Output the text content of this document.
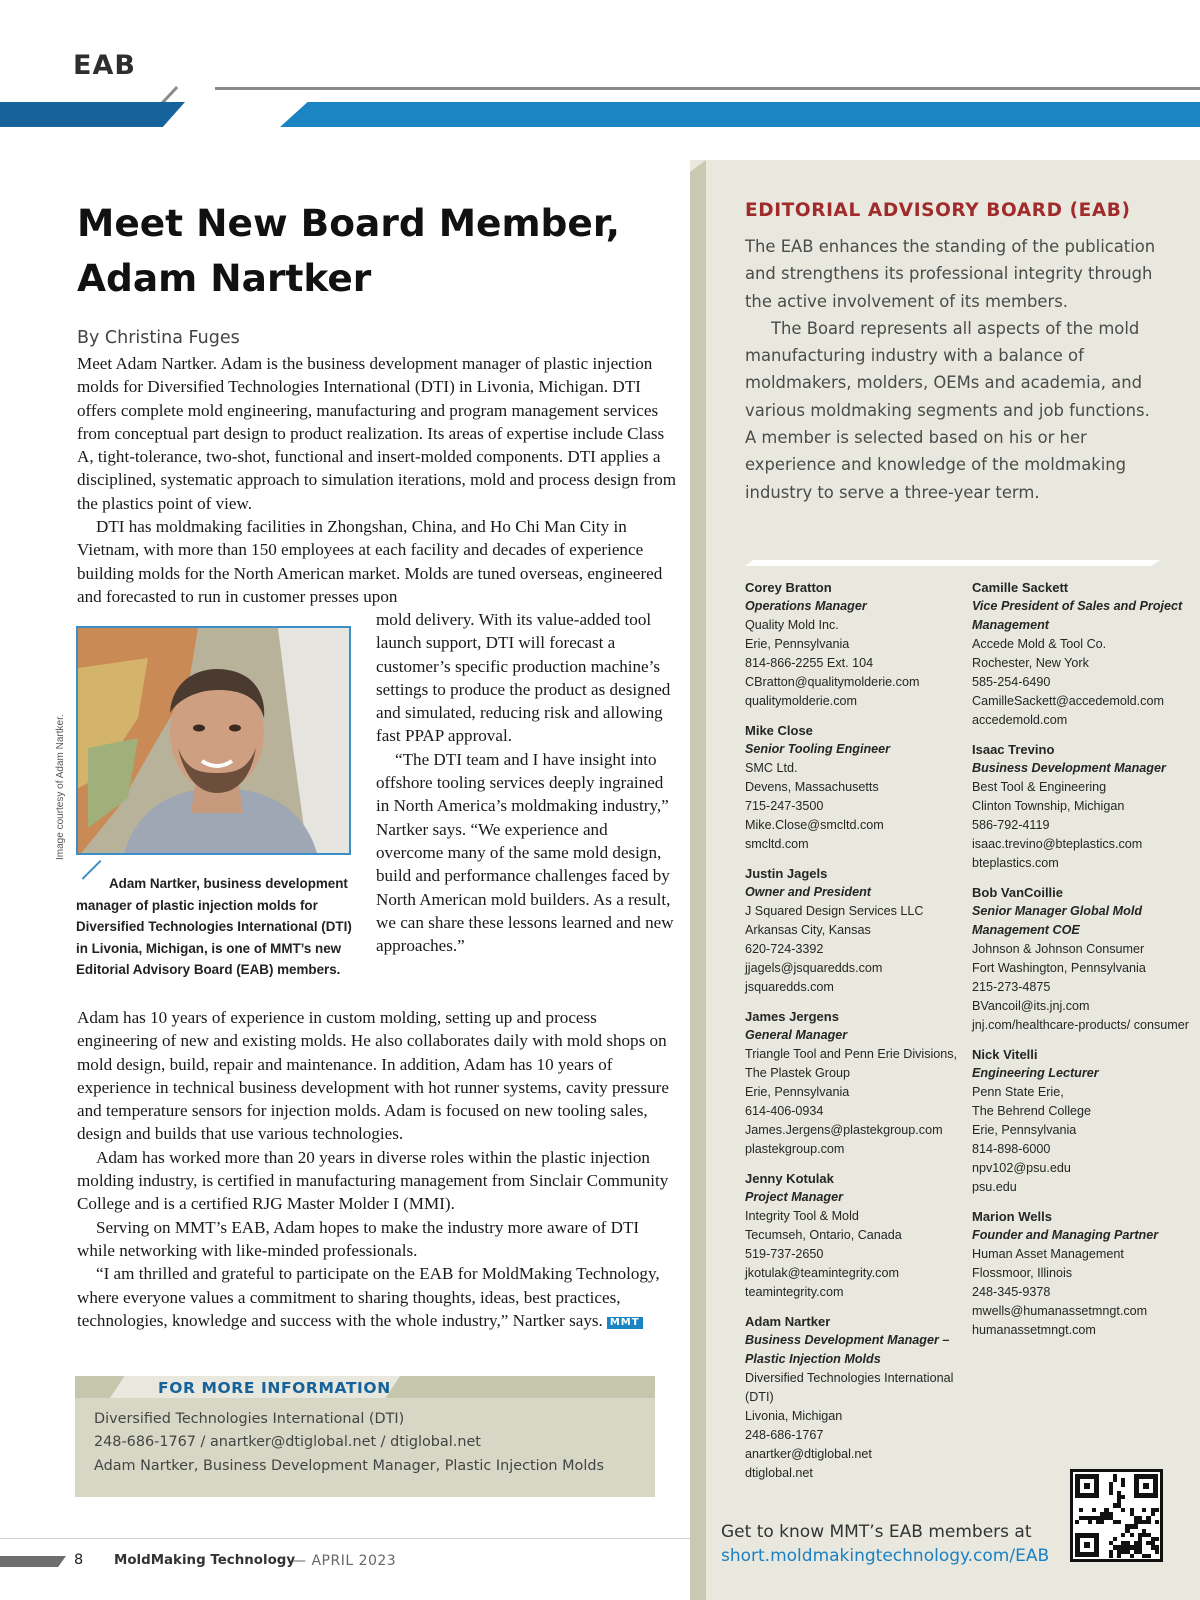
EAB
EDITORIAL ADVISORY BOARD (EAB)

The EAB enhances the standing of the publication and strengthens its professional integrity through the active involvement of its members.

The Board represents all aspects of the mold manufacturing industry with a balance of moldmakers, molders, OEMs and academia, and various moldmaking segments and job functions. A member is selected based on his or her experience and knowledge of the moldmaking industry to serve a three-year term.

Corey Bratton
Operations Manager
Quality Mold Inc.
Erie, Pennsylvania
814-866-2255 Ext. 104
CBratton@qualitymolderie.com
qualitymolderie.com
Mike Close
Senior Tooling Engineer
SMC Ltd.
Devens, Massachusetts
715-247-3500
Mike.Close@smcltd.com
smcltd.com
Justin Jagels
Owner and President
J Squared Design Services LLC
Arkansas City, Kansas
620-724-3392
jjagels@jsquaredds.com
jsquaredds.com
James Jergens
General Manager
Triangle Tool and Penn Erie Divisions, The Plastek Group
Erie, Pennsylvania
614-406-0934
James.Jergens@plastekgroup.com
plastekgroup.com
Jenny Kotulak
Project Manager
Integrity Tool & Mold
Tecumseh, Ontario, Canada
519-737-2650
jkotulak@teamintegrity.com
teamintegrity.com
Adam Nartker
Business Development Manager – Plastic Injection Molds
Diversified Technologies International (DTI)
Livonia, Michigan
248-686-1767
anartker@dtiglobal.net
dtiglobal.net
Camille Sackett
Vice President of Sales and Project Management
Accede Mold & Tool Co.
Rochester, New York
585-254-6490
CamilleSackett@accedemold.com
accedemold.com
Isaac Trevino
Business Development Manager
Best Tool & Engineering
Clinton Township, Michigan
586-792-4119
isaac.trevino@bteplastics.com
bteplastics.com
Bob VanCoillie
Senior Manager Global Mold Management COE
Johnson & Johnson Consumer
Fort Washington, Pennsylvania
215-273-4875
BVancoil@its.jnj.com
jnj.com/healthcare-products/ consumer
Nick Vitelli
Engineering Lecturer
Penn State Erie,
The Behrend College
Erie, Pennsylvania
814-898-6000
npv102@psu.edu
psu.edu
Marion Wells
Founder and Managing Partner
Human Asset Management
Flossmoor, Illinois
248-345-9378
mwells@humanassetmngt.com
humanassetmngt.com
Get to know MMT’s EAB members at
short.moldmakingtechnology.com/EAB
Meet New Board Member, Adam Nartker
By Christina Fuges

Meet Adam Nartker. Adam is the business development manager of plastic injection molds for Diversified Technologies International (DTI) in Livonia, Michigan. DTI offers complete mold engineering, manufacturing and program management services from conceptual part design to product realization. Its areas of expertise include Class A, tight-tolerance, two-shot, functional and insert-molded components. DTI applies a disciplined, systematic approach to simulation iterations, mold and process design from the plastics point of view.

DTI has moldmaking facilities in Zhongshan, China, and Ho Chi Man City in Vietnam, with more than 150 employees at each facility and decades of experience building molds for the North American market. Molds are tuned overseas, engineered and forecasted to run in customer presses upon

Image courtesy of Adam Nartker.
Adam Nartker, business development manager of plastic injection molds for Diversified Technologies International (DTI) in Livonia, Michigan, is one of MMT’s new Editorial Advisory Board (EAB) members.

mold delivery. With its value-added tool launch support, DTI will forecast a customer’s specific production machine’s settings to produce the product as designed and simulated, reducing risk and allowing fast PPAP approval.

“The DTI team and I have insight into offshore tooling services deeply ingrained in North America’s moldmaking industry,” Nartker says. “We experience and overcome many of the same mold design, build and performance challenges faced by North American mold builders. As a result, we can share these lessons learned and new approaches.”

Adam has 10 years of experience in custom molding, setting up and process engineering of new and existing molds. He also collaborates daily with mold shops on mold design, build, repair and maintenance. In addition, Adam has 10 years of experience in technical business development with hot runner systems, cavity pressure and temperature sensors for injection molds. Adam is focused on new tooling sales, design and builds that use various technologies.

Adam has worked more than 20 years in diverse roles within the plastic injection molding industry, is certified in manufacturing management from Sinclair Community College and is a certified RJG Master Molder I (MMI).

Serving on MMT’s EAB, Adam hopes to make the industry more aware of DTI while networking with like-minded professionals.

“I am thrilled and grateful to participate on the EAB for MoldMaking Technology, where everyone values a commitment to sharing thoughts, ideas, best practices, technologies, knowledge and success with the whole industry,” Nartker says. MMT

FOR MORE INFORMATION
Diversified Technologies International (DTI)
248-686-1767 / anartker@dtiglobal.net / dtiglobal.net
Adam Nartker, Business Development Manager, Plastic Injection Molds
8 MoldMaking Technology
— APRIL 2023
